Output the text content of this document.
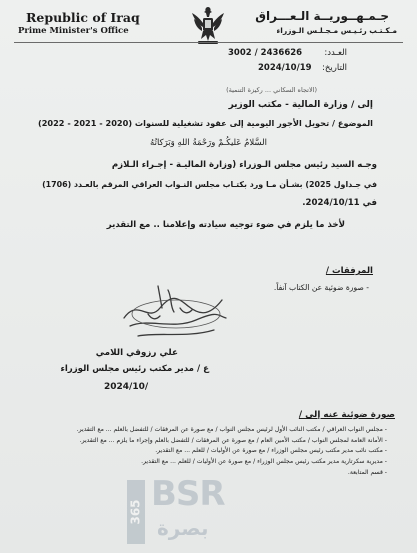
Republic of Iraq
Prime Minister's Office
جـمـهــوريــة الـعـــراق
مـكـتـب رئـيـس مـجـلـس الـوزراء
العـدد:
3002 / 2436626
التاريخ:
2024/10/19
(الاتجاه السكاني ... ركيزة التنمية)
إلى / وزارة المالية - مكتب الوزير
الموضوع / تحويل الأجور اليومية إلى عقود تشغيلية للسنوات (2020 - 2021 - 2022)
السَّلامُ عَليكُـمْ ورَحْمَةُ اللهِ وَبَرَكاتُهُ
وجـه السيد رئيس مجلس الـوزراء (وزارة الماليـة - إجـراء الـلازم
في جـداول 2025) بشـأن مـا ورد بكتـاب مجلس النـواب العراقي المرقم بالعـدد (1706)
في 2024/10/11.
لأخذ ما يلزم في ضوء توجيه سيادته وإعلامنا .. مع التقدير
المرفقات /
- صورة ضوئية عن الكتاب آنفاً.
علي رزوقي اللامي
ع / مدير مكتب رئيس مجلس الوزراء
2024/10/
صورة ضوئية عنه إلى /
- مجلس النواب العراقي / مكتب النائب الأول لرئيس مجلس النواب / مع صورة عن المرفقات / للتفضل بالعلم ... مع التقدير.
- الأمانة العامة لمجلس النواب / مكتب الأمين العام / مع صورة عن المرفقات / للتفضل بالعلم وإجراء ما يلزم ... مع التقدير.
- مكتب نائب مدير مكتب رئيس مجلس الوزراء / مع صورة عن الأوليات / للعلم ... مع التقدير.
- مديرية سكرتارية مدير مكتب رئيس مجلس الوزراء / مع صورة عن الأوليات / للعلم ... مع التقدير.
- قسم المتابعة.
365 BSR
بصرة
